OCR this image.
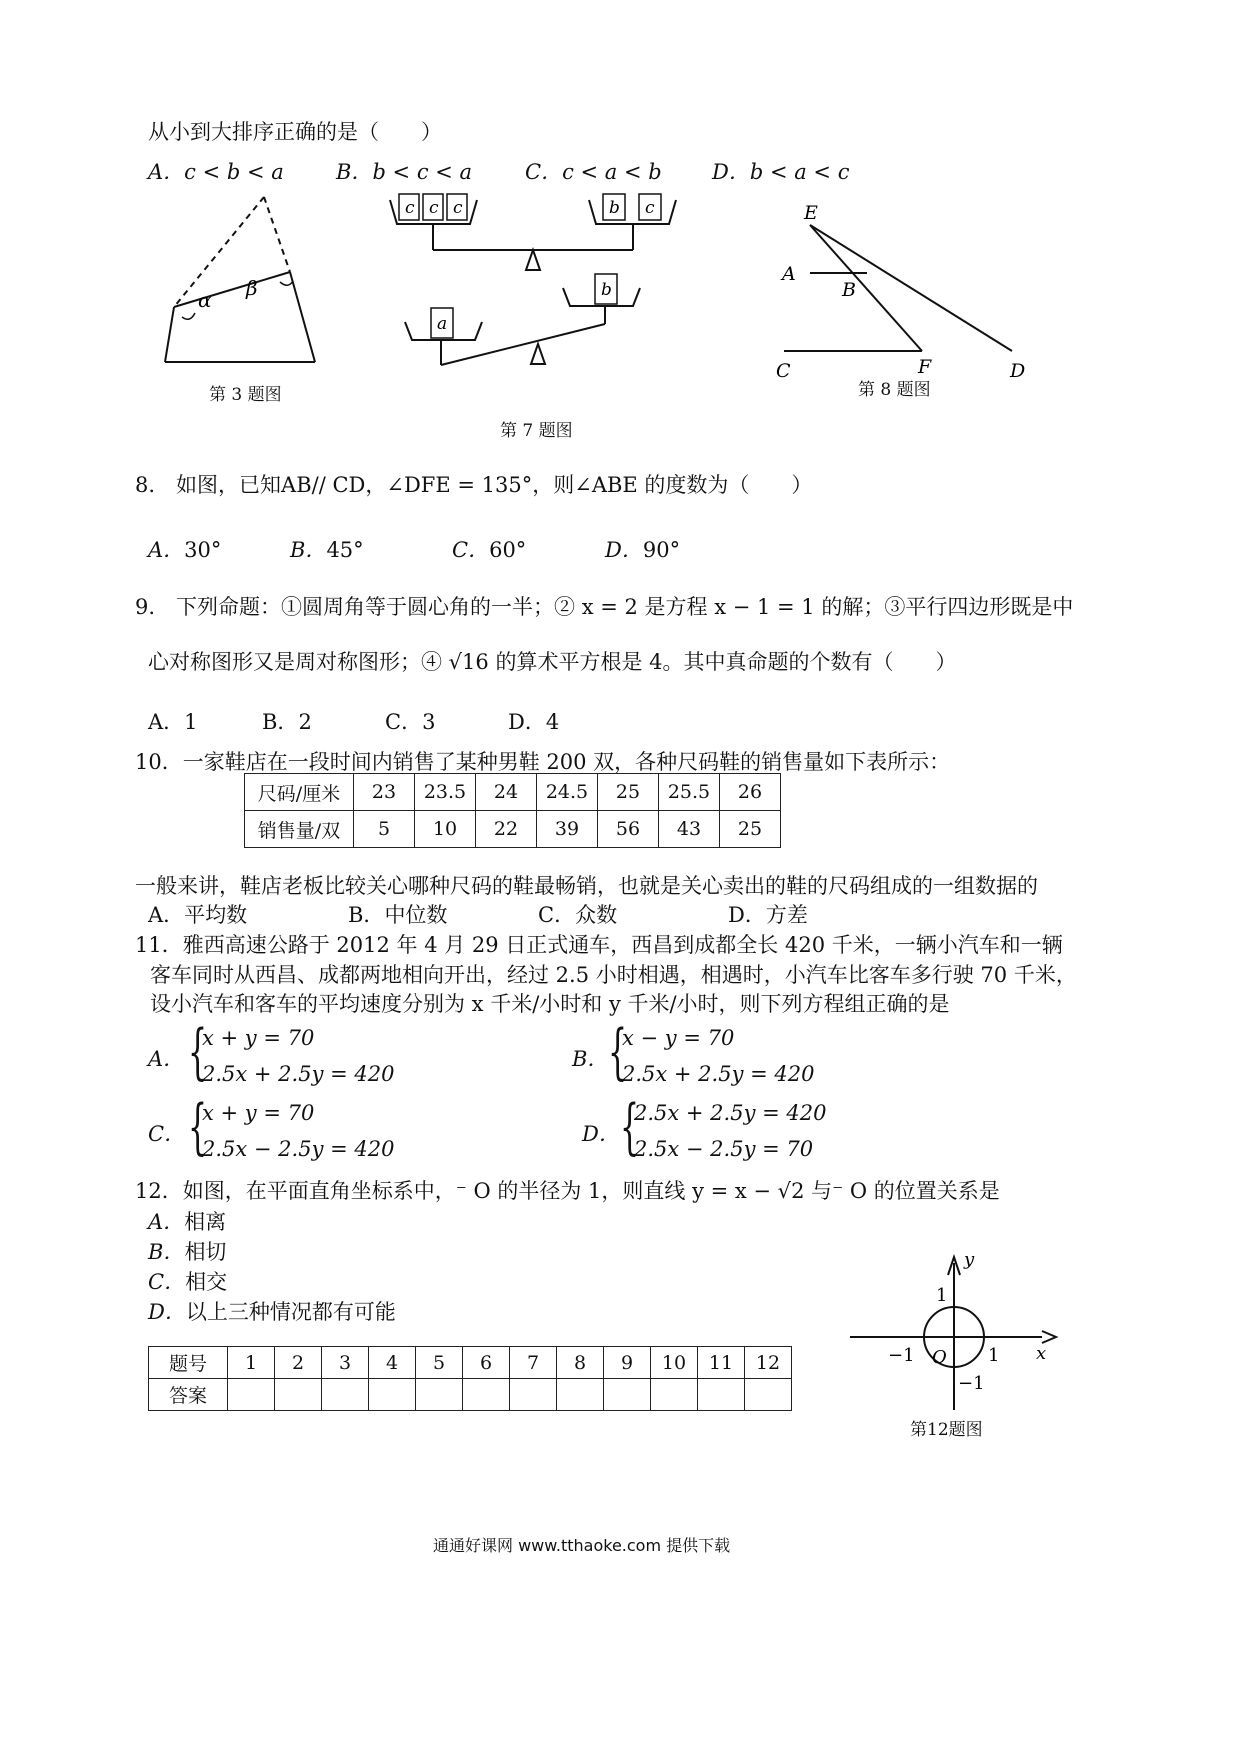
从小到大排序正确的是（　　）
A．c < b < a B．b < c < a	C．c < a < b D．b < a < c
α β
第 3 题图
c c c	b c
a
b
第 7 题图
E
A
B
C	F	D
第 8 题图
8.　如图，已知AB// CD，∠DFE = 135°，则∠ABE 的度数为（　　）
A．30°	B．45°	C．60°	D．90°
9.　下列命题：①圆周角等于圆心角的一半；② x = 2 是方程 x − 1 = 1 的解；③平行四边形既是中
心对称图形又是周对称图形；④ √16 的算术平方根是 4。其中真命题的个数有（　　）
A．1	B．2	C．3	D．4
10．一家鞋店在一段时间内销售了某种男鞋 200 双，各种尺码鞋的销售量如下表所示：
尺码/厘米	23	23.5	24	24.5	25	25.5	26
销售量/双	5	10	22	39	56	43	25
一般来讲，鞋店老板比较关心哪种尺码的鞋最畅销，也就是关心卖出的鞋的尺码组成的一组数据的
A．平均数	B．中位数	C．众数	D．方差
11．雅西高速公路于 2012 年 4 月 29 日正式通车，西昌到成都全长 420 千米，一辆小汽车和一辆
客车同时从西昌、成都两地相向开出，经过 2.5 小时相遇，相遇时，小汽车比客车多行驶 70 千米，
设小汽车和客车的平均速度分别为 x 千米/小时和 y 千米/小时，则下列方程组正确的是
A． {
x + y = 70
2.5x + 2.5y = 420
B． {
x − y = 70
2.5x + 2.5y = 420
C． {
x + y = 70
2.5x − 2.5y = 420
D． {
2.5x + 2.5y = 420
2.5x − 2.5y = 70
12．如图，在平面直角坐标系中，⁻ O 的半径为 1，则直线 y = x − √2 与⁻ O 的位置关系是
A．相离
B．相切
C．相交
D．以上三种情况都有可能
y
x
O
1
1
−1
−1
第12题图
题号	1	2	3	4	5	6	7	8	9	10	11	12
答案												
通通好课网 www.tthaoke.com 提供下载
